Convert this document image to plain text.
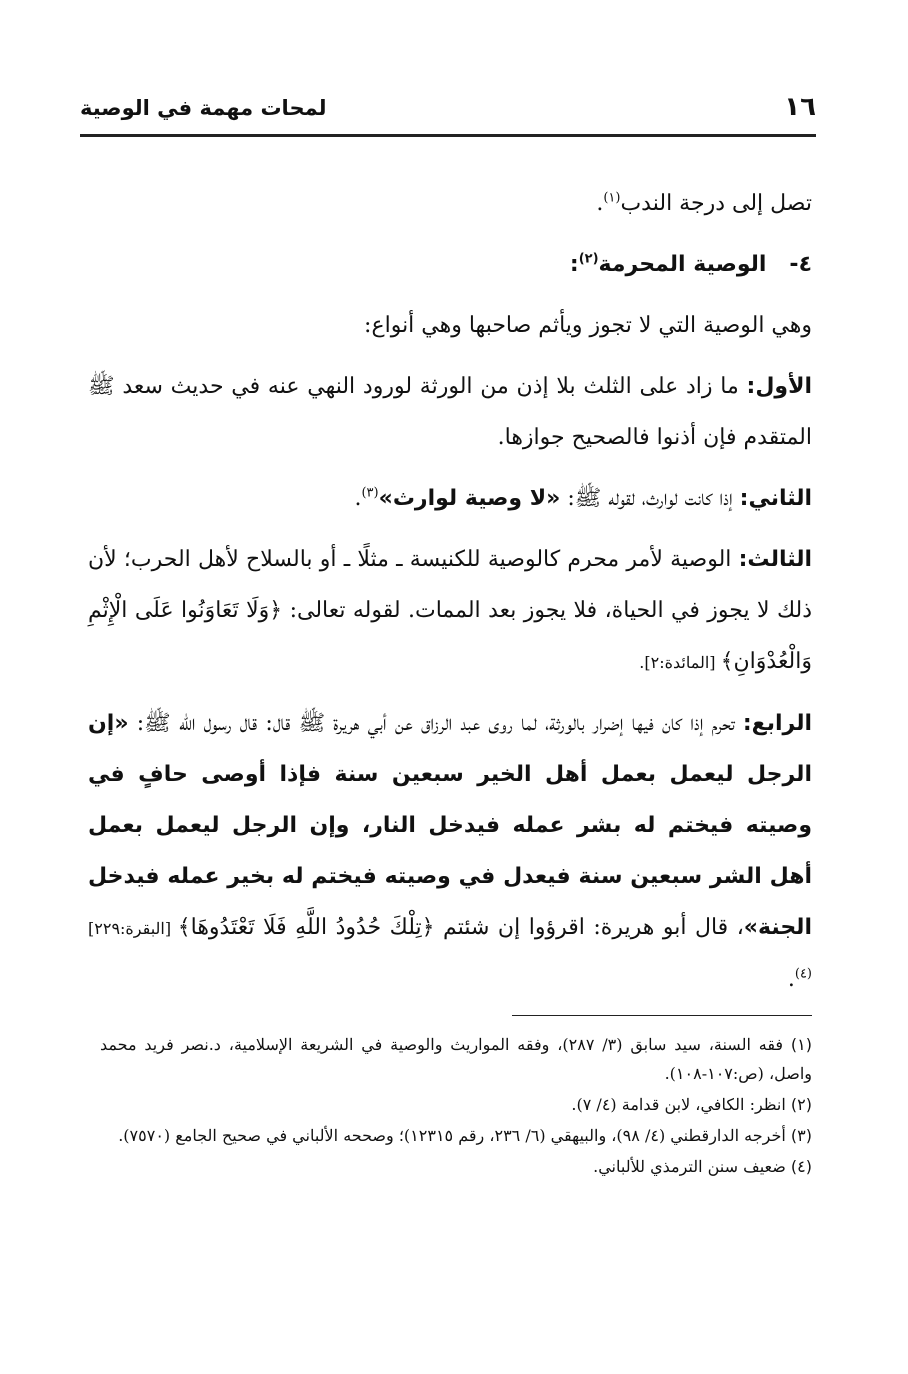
١٦
لمحات مهمة في الوصية

تصل إلى درجة الندب$^{(١)}$.

٤-   الوصية المحرمة$^{(٢)}$:

وهي الوصية التي لا تجوز ويأثم صاحبها وهي أنواع:

الأول: ما زاد على الثلث بلا إذن من الورثة لورود النهي عنه في حديث سعد ﷺ المتقدم فإن أذنوا فالصحيح جوازها.

الثاني: إذا كانت لوارث، لقوله ﷺ: «لا وصية لوارث»$^{(٣)}$.

الثالث: الوصية لأمر محرم كالوصية للكنيسة ـ مثلًا ـ أو بالسلاح لأهل الحرب؛ لأن ذلك لا يجوز في الحياة، فلا يجوز بعد الممات. لقوله تعالى: ﴿وَلَا تَعَاوَنُوا عَلَى الْإِثْمِ وَالْعُدْوَانِ﴾ [المائدة:٢].

الرابع: تحرم إذا كان فيها إضرار بالورثة، لما روى عبد الرزاق عن أبي هريرة ﷺ قال: قال رسول الله ﷺ: «إن الرجل ليعمل بعمل أهل الخير سبعين سنة فإذا أوصى حافٍ في وصيته فيختم له بشر عمله فيدخل النار، وإن الرجل ليعمل بعمل أهل الشر سبعين سنة فيعدل في وصيته فيختم له بخير عمله فيدخل الجنة»، قال أبو هريرة: اقرؤوا إن شئتم ﴿تِلْكَ حُدُودُ اللَّهِ فَلَا تَعْتَدُوهَا﴾ [البقرة:٢٢٩]$^{(٤)}$.

(١) فقه السنة، سيد سابق (٣/ ٢٨٧)، وفقه المواريث والوصية في الشريعة الإسلامية، د.نصر فريد محمد واصل، (ص:١٠٧-١٠٨).

(٢) انظر: الكافي، لابن قدامة (٤/ ٧).

(٣) أخرجه الدارقطني (٤/ ٩٨)، والبيهقي (٦/ ٢٣٦، رقم ١٢٣١٥)؛ وصححه الألباني في صحيح الجامع (٧٥٧٠).

(٤) ضعيف سنن الترمذي للألباني.
